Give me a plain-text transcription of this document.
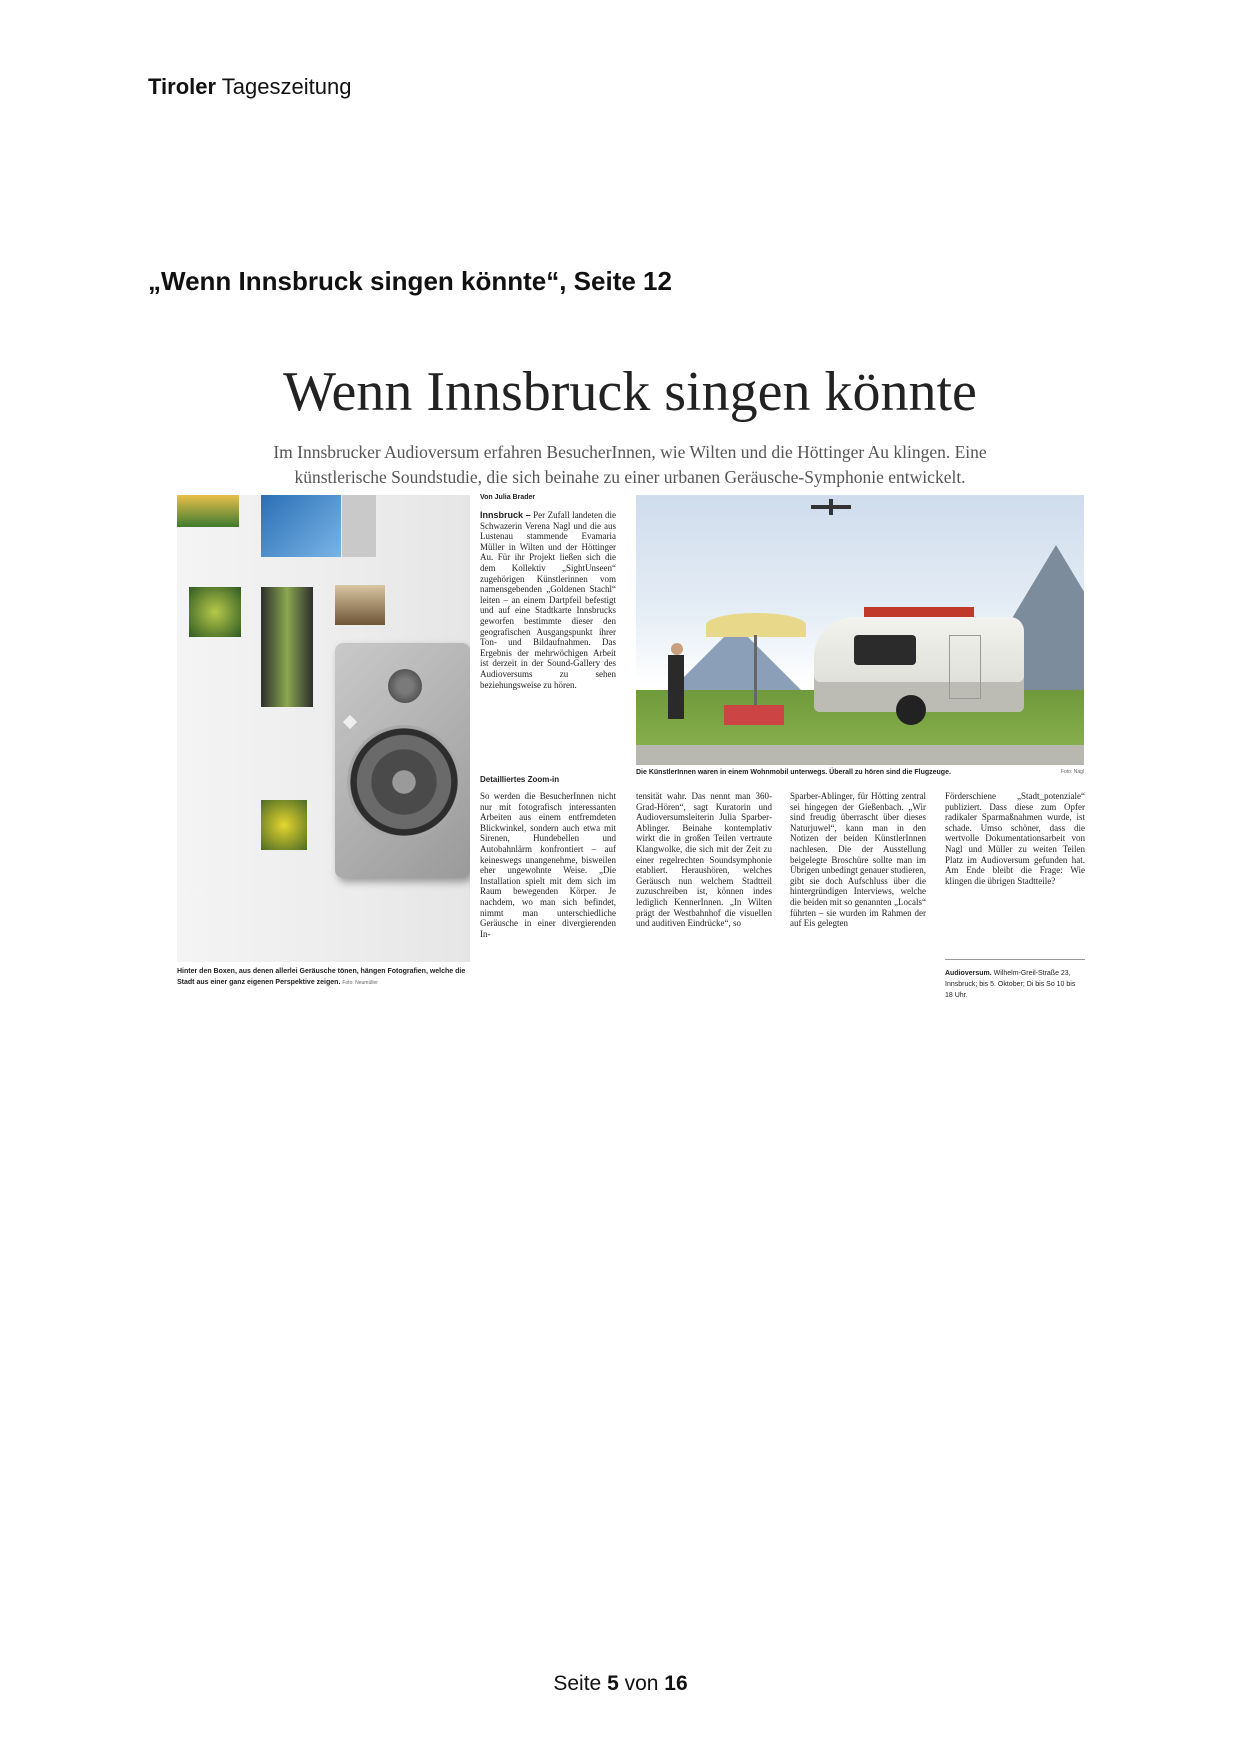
Tiroler Tageszeitung
„Wenn Innsbruck singen könnte“, Seite 12
Wenn Innsbruck singen könnte
Im Innsbrucker Audioversum erfahren BesucherInnen, wie Wilten und die Höttinger Au klingen. Eine
künstlerische Soundstudie, die sich beinahe zu einer urbanen Geräusche-Symphonie entwickelt.
Hinter den Boxen, aus denen allerlei Geräusche tönen, hängen Fotografien, welche die Stadt aus einer ganz eigenen Perspektive zeigen. Foto: Neumüller
Von Julia Brader
Innsbruck – Per Zufall landeten die Schwazerin Verena Nagl und die aus Lustenau stammende Evamaria Müller in Wilten und der Höttinger Au. Für ihr Projekt ließen sich die dem Kollektiv „SightUnseen“ zugehörigen Künstlerinnen vom namensgebenden „Goldenen Stachl“ leiten – an einem Dartpfeil befestigt und auf eine Stadtkarte Innsbrucks geworfen bestimmte dieser den geografischen Ausgangspunkt ihrer Ton- und Bildaufnahmen. Das Ergebnis der mehrwöchigen Arbeit ist derzeit in der Sound-Gallery des Audioversums zu sehen beziehungsweise zu hören.
Detailliertes Zoom-in
So werden die BesucherInnen nicht nur mit fotografisch interessanten Arbeiten aus einem entfremdeten Blickwinkel, sondern auch etwa mit Sirenen, Hundebellen und Autobahnlärm konfrontiert – auf keineswegs unangenehme, bisweilen eher ungewohnte Weise. „Die Installation spielt mit dem sich im Raum bewegenden Körper. Je nachdem, wo man sich befindet, nimmt man unterschiedliche Geräusche in einer divergierenden In-
Die KünstlerInnen waren in einem Wohnmobil unterwegs. Überall zu hören sind die Flugzeuge.	Foto: Nagl
tensität wahr. Das nennt man 360-Grad-Hören“, sagt Kuratorin und Audioversumsleiterin Julia Sparber-Ablinger. Beinahe kontemplativ wirkt die in großen Teilen vertraute Klangwolke, die sich mit der Zeit zu einer regelrechten Soundsymphonie etabliert. Heraushören, welches Geräusch nun welchem Stadtteil zuzuschreiben ist, können indes lediglich KennerInnen. „In Wilten prägt der Westbahnhof die visuellen und auditiven Eindrücke“, so
Sparber-Ablinger, für Hötting zentral sei hingegen der Gießenbach. „Wir sind freudig überrascht über dieses Naturjuwel“, kann man in den Notizen der beiden KünstlerInnen nachlesen. Die der Ausstellung beigelegte Broschüre sollte man im Übrigen unbedingt genauer studieren, gibt sie doch Aufschluss über die hintergründigen Interviews, welche die beiden mit so genannten „Locals“ führten – sie wurden im Rahmen der auf Eis gelegten
Förderschiene „Stadt_potenziale“ publiziert. Dass diese zum Opfer radikaler Sparmaßnahmen wurde, ist schade. Umso schöner, dass die wertvolle Dokumentationsarbeit von Nagl und Müller zu weiten Teilen Platz im Audioversum gefunden hat. Am Ende bleibt die Frage: Wie klingen die übrigen Stadtteile?
Audioversum. Wilhelm-Greil-Straße 23, Innsbruck; bis 5. Oktober; Di bis So 10 bis 18 Uhr.
Seite 5 von 16
